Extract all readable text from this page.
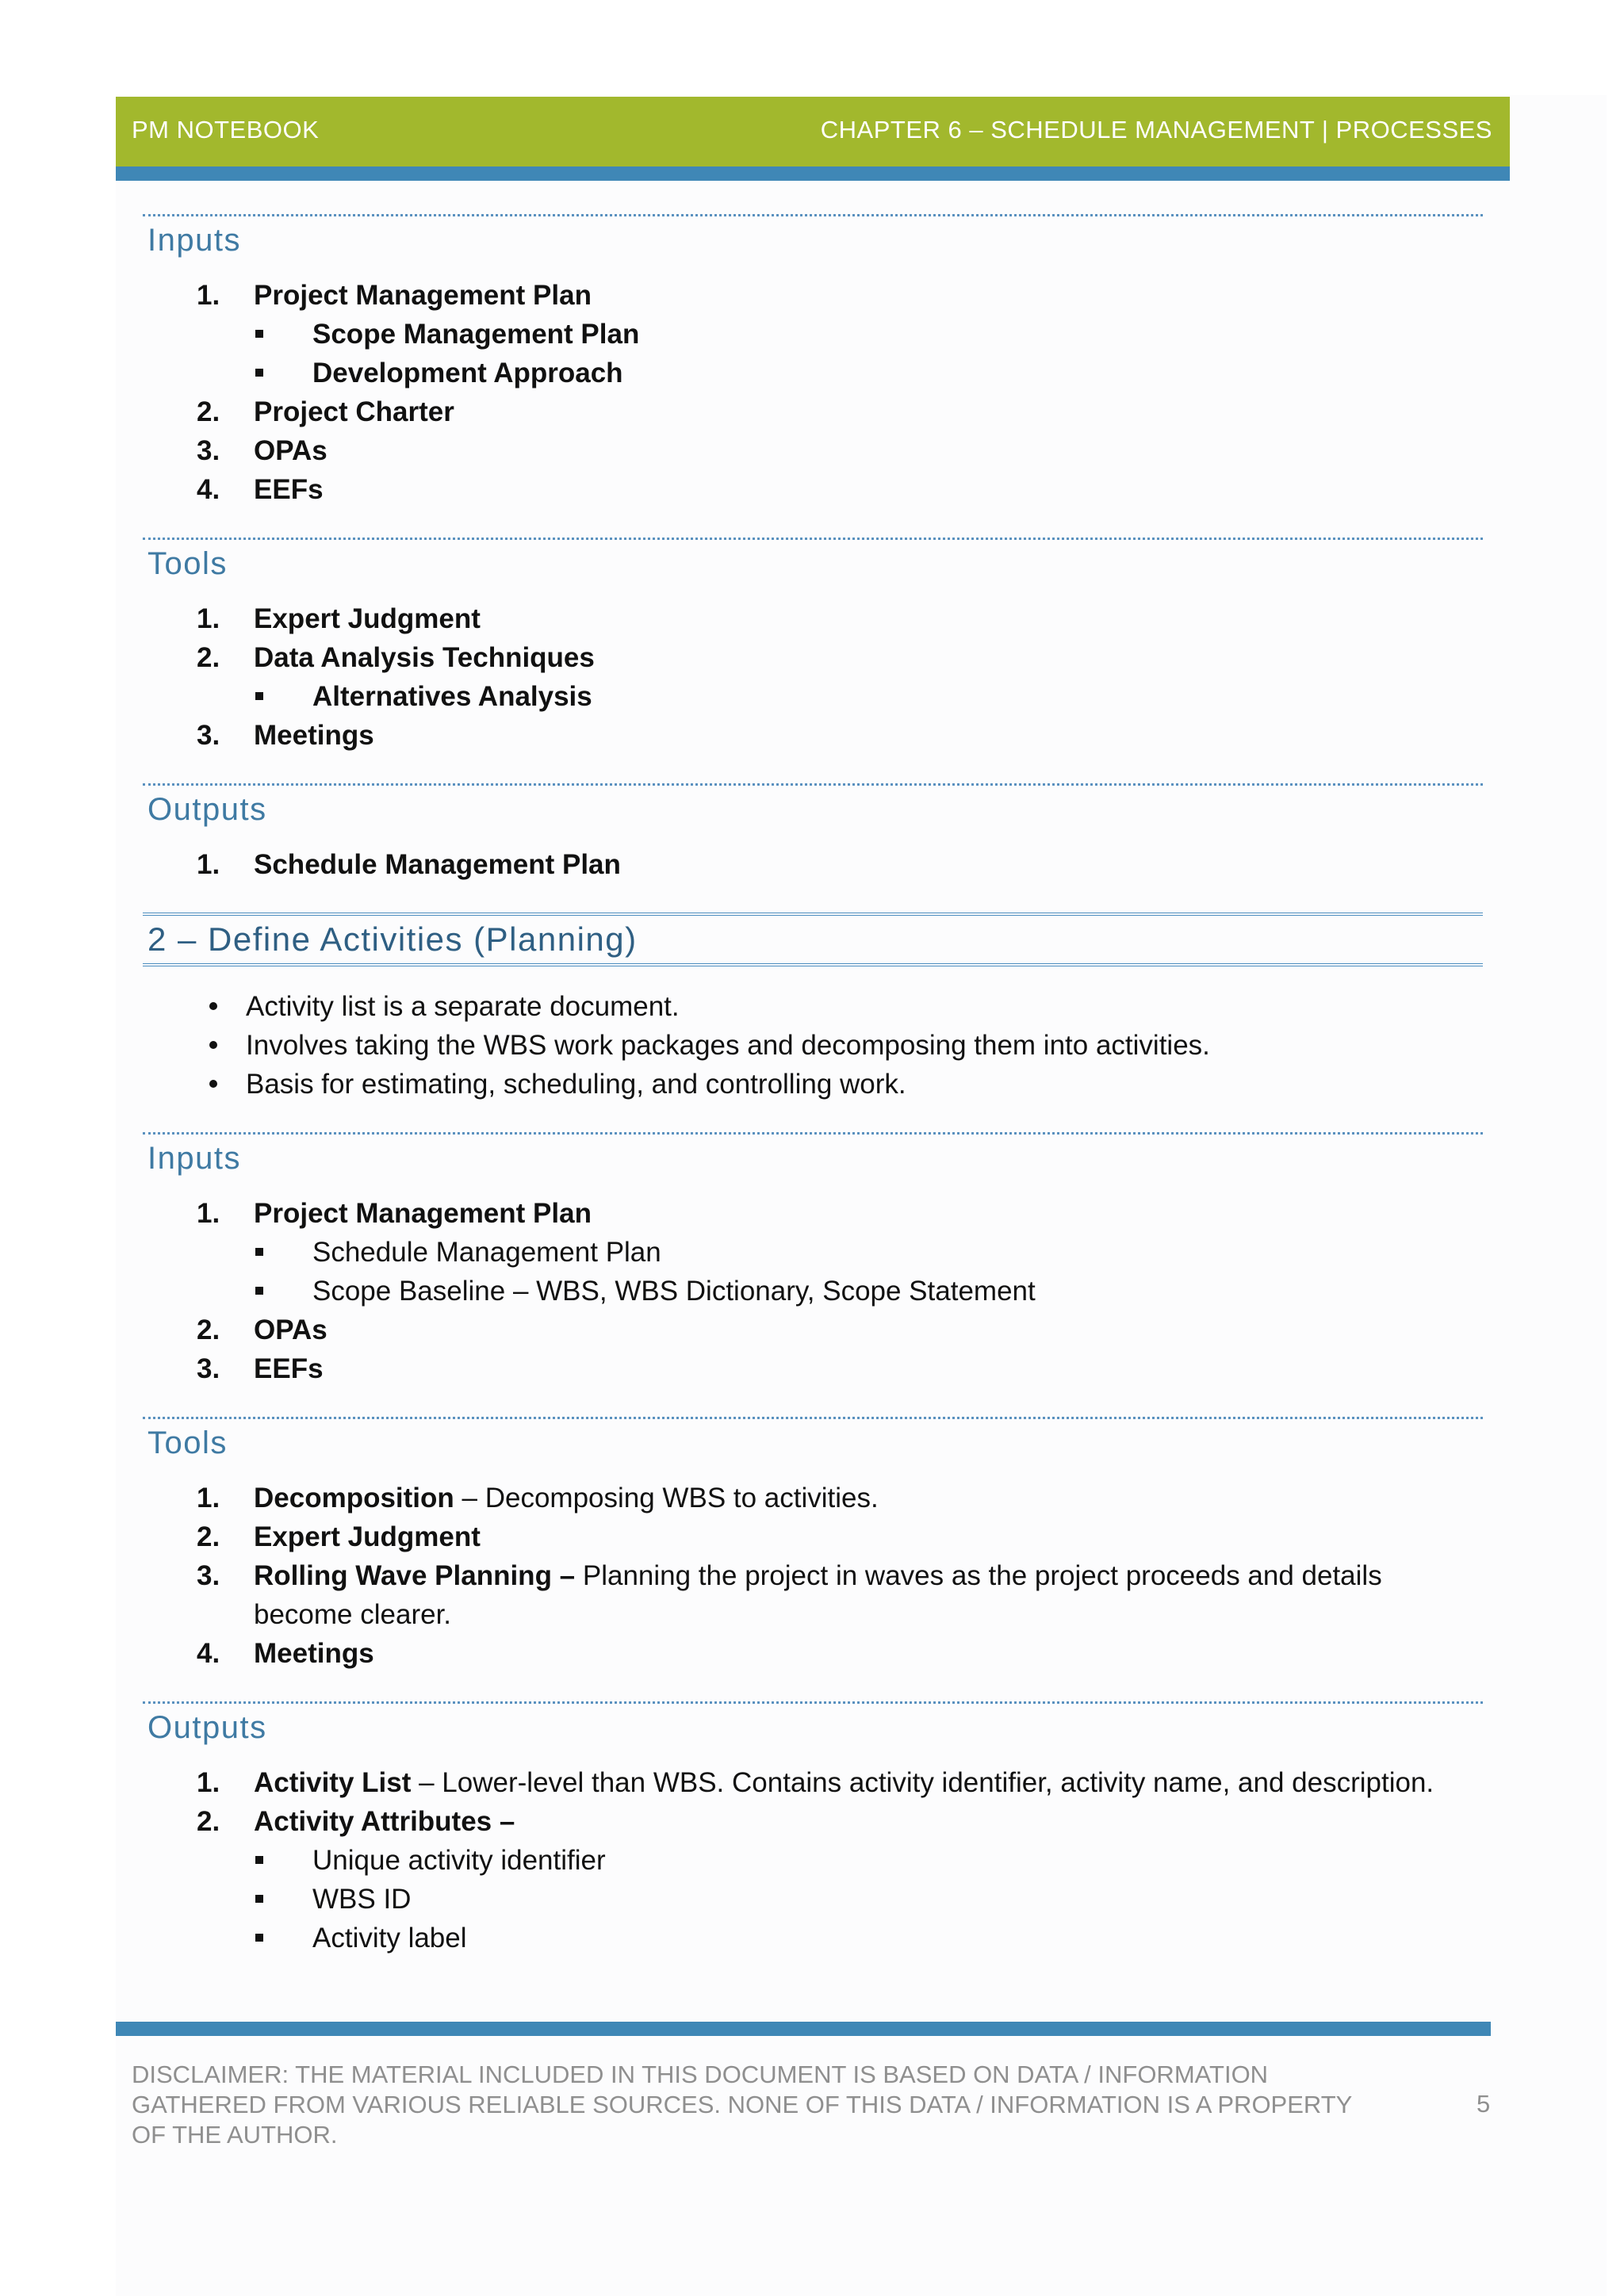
PM NOTEBOOK	CHAPTER 6 – SCHEDULE MANAGEMENT | PROCESSES
Inputs
1. Project Management Plan
Scope Management Plan
Development Approach
2. Project Charter
3. OPAs
4. EEFs
Tools
1. Expert Judgment
2. Data Analysis Techniques
Alternatives Analysis
3. Meetings
Outputs
1. Schedule Management Plan
2 – Define Activities (Planning)
Activity list is a separate document.
Involves taking the WBS work packages and decomposing them into activities.
Basis for estimating, scheduling, and controlling work.
Inputs
1. Project Management Plan
Schedule Management Plan
Scope Baseline – WBS, WBS Dictionary, Scope Statement
2. OPAs
3. EEFs
Tools
1. Decomposition – Decomposing WBS to activities.
2. Expert Judgment
3. Rolling Wave Planning – Planning the project in waves as the project proceeds and details become clearer.
4. Meetings
Outputs
1. Activity List – Lower-level than WBS. Contains activity identifier, activity name, and description.
2. Activity Attributes –
Unique activity identifier
WBS ID
Activity label
DISCLAIMER: THE MATERIAL INCLUDED IN THIS DOCUMENT IS BASED ON DATA / INFORMATION GATHERED FROM VARIOUS RELIABLE SOURCES. NONE OF THIS DATA / INFORMATION IS A PROPERTY OF THE AUTHOR.
5
